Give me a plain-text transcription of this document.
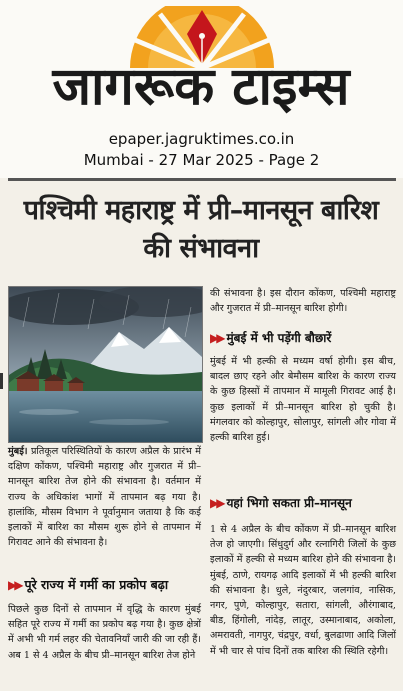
जागरूक टाइम्स
epaper.jagruktimes.co.in
Mumbai - 27 Mar 2025 - Page 2
पश्चिमी महाराष्ट्र में प्री–मानसून बारिश की संभावना

मुंबई। प्रतिकूल परिस्थितियों के कारण अप्रैल के प्रारंभ में दक्षिण कोंकण, पश्चिमी महाराष्ट्र और गुजरात में प्री–मानसून बारिश तेज होने की संभावना है। वर्तमान में राज्य के अधिकांश भागों में तापमान बढ़ गया है। हालांकि, मौसम विभाग ने पूर्वानुमान जताया है कि कई इलाकों में बारिश का मौसम शुरू होने से तापमान में गिरावट आने की संभावना है।

▶▶ पूरे राज्य में गर्मी का प्रकोप बढ़ा

पिछले कुछ दिनों से तापमान में वृद्धि के कारण मुंबई सहित पूरे राज्य में गर्मी का प्रकोप बढ़ गया है। कुछ क्षेत्रों में अभी भी गर्म लहर की चेतावनियाँ जारी की जा रही हैं। अब 1 से 4 अप्रैल के बीच प्री–मानसून बारिश तेज होने

की संभावना है। इस दौरान कोंकण, पश्चिमी महाराष्ट्र और गुजरात में प्री–मानसून बारिश होगी।

▶▶ मुंबई में भी पड़ेंगी बौछारें

मुंबई में भी हल्की से मध्यम वर्षा होगी। इस बीच, बादल छाए रहने और बेमौसम बारिश के कारण राज्य के कुछ हिस्सों में तापमान में मामूली गिरावट आई है। कुछ इलाकों में प्री–मानसून बारिश हो चुकी है। मंगलवार को कोल्हापुर, सोलापुर, सांगली और गोवा में हल्की बारिश हुई।

▶▶ यहां भिगो सकता प्री–मानसून

1 से 4 अप्रैल के बीच कोंकण में प्री–मानसून बारिश तेज हो जाएगी। सिंधुदुर्ग और रत्नागिरी जिलों के कुछ इलाकों में हल्की से मध्यम बारिश होने की संभावना है। मुंबई, ठाणे, रायगढ़ आदि इलाकों में भी हल्की बारिश की संभावना है। धुले, नंदुरबार, जलगांव, नासिक, नगर, पुणे, कोल्हापुर, सतारा, सांगली, औरंगाबाद, बीड, हिंगोली, नांदेड़, लातूर, उस्मानाबाद, अकोला, अमरावती, नागपुर, चंद्रपुर, वर्धा, बुलढाणा आदि जिलों में भी चार से पांच दिनों तक बारिश की स्थिति रहेगी।
